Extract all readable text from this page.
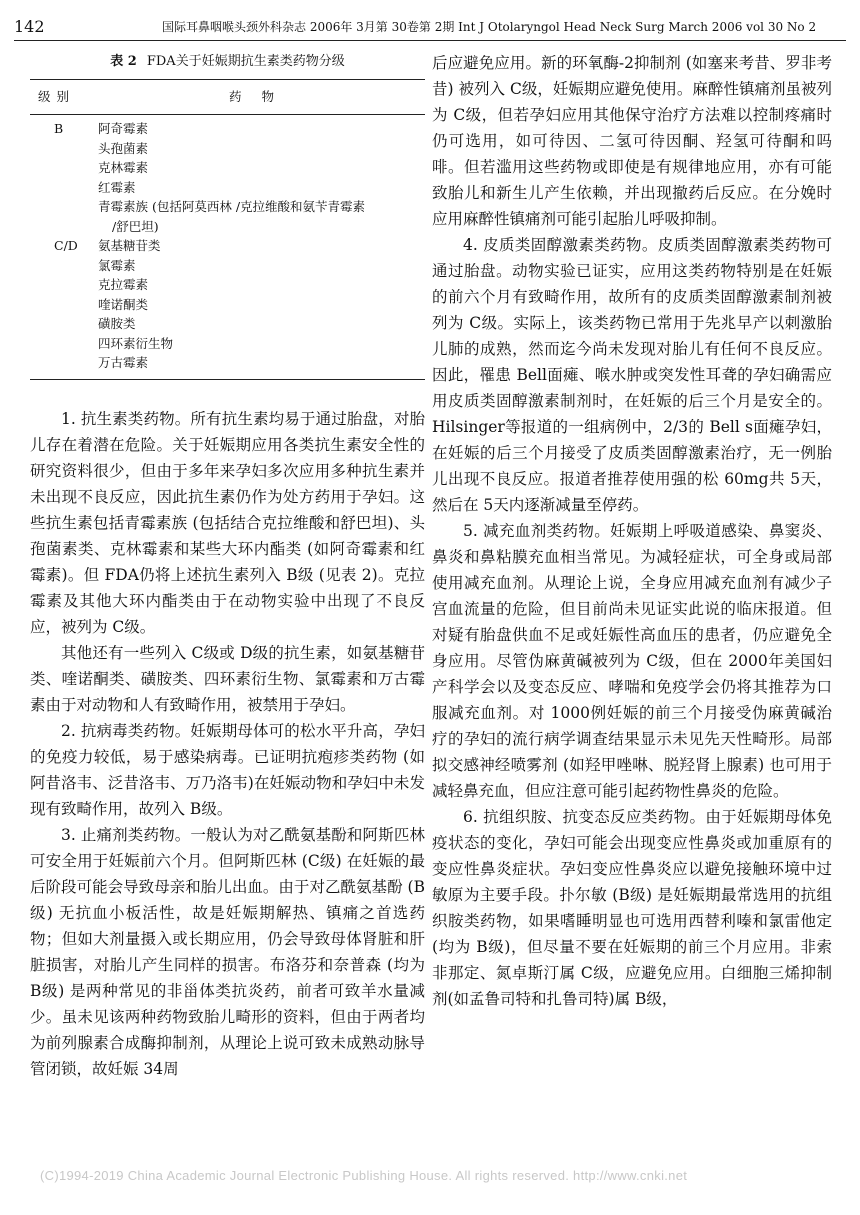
142	国际耳鼻咽喉头颈外科杂志 2006年 3月第 30卷第 2期 Int J Otolaryngol Head Neck Surg March 2006 vol 30 No 2
表 2 FDA关于妊娠期抗生素类药物分级
级别	药物
B	阿奇霉素
头孢菌素
克林霉素
红霉素
青霉素族 (包括阿莫西林 /克拉维酸和氨苄青霉素
/舒巴坦)
C/D	氨基糖苷类
氯霉素
克拉霉素
喹诺酮类
磺胺类
四环素衍生物
万古霉素

1. 抗生素类药物。所有抗生素均易于通过胎盘，对胎儿存在着潜在危险。关于妊娠期应用各类抗生素安全性的研究资料很少，但由于多年来孕妇多次应用多种抗生素并未出现不良反应，因此抗生素仍作为处方药用于孕妇。这些抗生素包括青霉素族 (包括结合克拉维酸和舒巴坦)、头孢菌素类、克林霉素和某些大环内酯类 (如阿奇霉素和红霉素)。但 FDA仍将上述抗生素列入 B级 (见表 2)。克拉霉素及其他大环内酯类由于在动物实验中出现了不良反应，被列为 C级。

其他还有一些列入 C级或 D级的抗生素，如氨基糖苷类、喹诺酮类、磺胺类、四环素衍生物、氯霉素和万古霉素由于对动物和人有致畸作用，被禁用于孕妇。

2. 抗病毒类药物。妊娠期母体可的松水平升高，孕妇的免疫力较低，易于感染病毒。已证明抗疱疹类药物 (如阿昔洛韦、泛昔洛韦、万乃洛韦)在妊娠动物和孕妇中未发现有致畸作用，故列入 B级。

3. 止痛剂类药物。一般认为对乙酰氨基酚和阿斯匹林可安全用于妊娠前六个月。但阿斯匹林 (C级) 在妊娠的最后阶段可能会导致母亲和胎儿出血。由于对乙酰氨基酚 (B级) 无抗血小板活性，故是妊娠期解热、镇痛之首选药物；但如大剂量摄入或长期应用，仍会导致母体肾脏和肝脏损害，对胎儿产生同样的损害。布洛芬和奈普森 (均为 B级) 是两种常见的非甾体类抗炎药，前者可致羊水量减少。虽未见该两种药物致胎儿畸形的资料，但由于两者均为前列腺素合成酶抑制剂，从理论上说可致未成熟动脉导管闭锁，故妊娠 34周

后应避免应用。新的环氧酶-2抑制剂 (如塞来考昔、罗非考昔) 被列入 C级，妊娠期应避免使用。麻醉性镇痛剂虽被列为 C级，但若孕妇应用其他保守治疗方法难以控制疼痛时仍可选用，如可待因、二氢可待因酮、羟氢可待酮和吗啡。但若滥用这些药物或即使是有规律地应用，亦有可能致胎儿和新生儿产生依赖，并出现撤药后反应。在分娩时应用麻醉性镇痛剂可能引起胎儿呼吸抑制。

4. 皮质类固醇激素类药物。皮质类固醇激素类药物可通过胎盘。动物实验已证实，应用这类药物特别是在妊娠的前六个月有致畸作用，故所有的皮质类固醇激素制剂被列为 C级。实际上，该类药物已常用于先兆早产以刺激胎儿肺的成熟，然而迄今尚未发现对胎儿有任何不良反应。因此，罹患 Bell面瘫、喉水肿或突发性耳聋的孕妇确需应用皮质类固醇激素制剂时，在妊娠的后三个月是安全的。Hilsinger等报道的一组病例中，2/3的 Bell s面瘫孕妇，在妊娠的后三个月接受了皮质类固醇激素治疗，无一例胎儿出现不良反应。报道者推荐使用强的松 60mg共 5天，然后在 5天内逐渐减量至停药。

5. 减充血剂类药物。妊娠期上呼吸道感染、鼻窦炎、鼻炎和鼻粘膜充血相当常见。为减轻症状，可全身或局部使用减充血剂。从理论上说，全身应用减充血剂有减少子宫血流量的危险，但目前尚未见证实此说的临床报道。但对疑有胎盘供血不足或妊娠性高血压的患者，仍应避免全身应用。尽管伪麻黄碱被列为 C级，但在 2000年美国妇产科学会以及变态反应、哮喘和免疫学会仍将其推荐为口服减充血剂。对 1000例妊娠的前三个月接受伪麻黄碱治疗的孕妇的流行病学调查结果显示未见先天性畸形。局部拟交感神经喷雾剂 (如羟甲唑啉、脱羟肾上腺素) 也可用于减轻鼻充血，但应注意可能引起药物性鼻炎的危险。

6. 抗组织胺、抗变态反应类药物。由于妊娠期母体免疫状态的变化，孕妇可能会出现变应性鼻炎或加重原有的变应性鼻炎症状。孕妇变应性鼻炎应以避免接触环境中过敏原为主要手段。扑尔敏 (B级) 是妊娠期最常选用的抗组织胺类药物，如果嗜睡明显也可选用西替利嗪和氯雷他定 (均为 B级)，但尽量不要在妊娠期的前三个月应用。非索非那定、氮卓斯汀属 C级，应避免应用。白细胞三烯抑制剂(如孟鲁司特和扎鲁司特)属 B级，

(C)1994-2019 China Academic Journal Electronic Publishing House. All rights reserved. http://www.cnki.net
